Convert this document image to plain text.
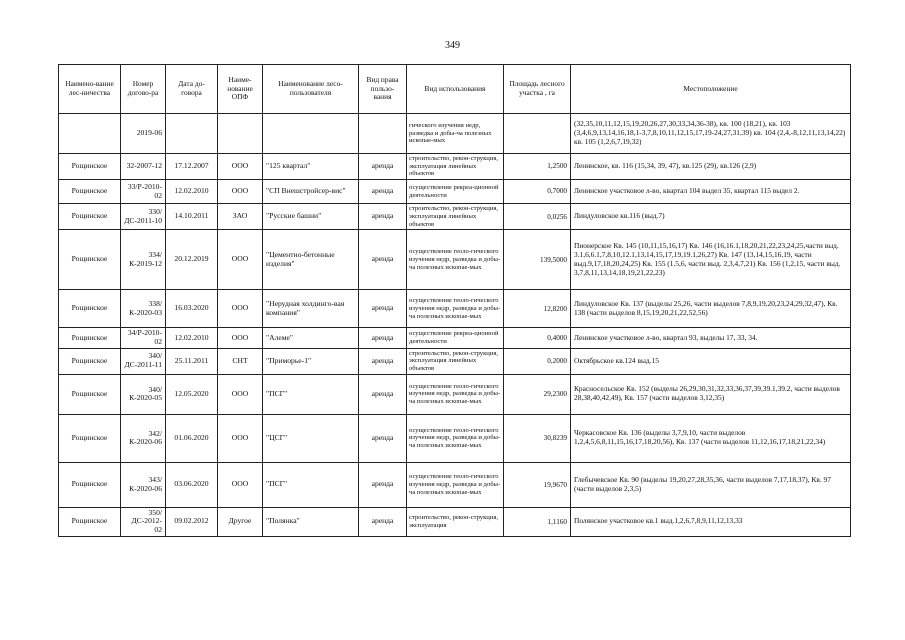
349
Наимено-вание лес-ничества	Номер догово-ра	Дата до-говора	Наиме-нование ОПФ	Наименование лесо-пользователя	Вид права пользо-вания	Вид использования	Площадь лесного участка , га	Местоположение
	2019-06					гического изучения недр, разведка и добы-ча полезных ископае-мых		(32,35,10,11,12,15,19,20,26,27,30,33,34,36-38), кв. 100 (18,21), кв. 103 (3,4,6,9,13,14,16,18,1-3,7,8,10,11,12,15,17,19-24,27,31,39) кв. 104 (2,4,-8,12,11,13,14,22) кв. 105 (1,2,6,7,19,32)
Рощинское	32-2007-12	17.12.2007	ООО	"125 квартал"	аренда	строительство, рекон-струкция, эксплуатация линейных объектов	1,2500	Ленинское, кв. 116 (15,34, 39, 47), кв.125 (29), кв.126 (2,9)
Рощинское	33/Р-2010-02	12.02.2010	ООО	"СП Внешстройсер-вис"	аренда	осуществление рекреа-ционной деятельности	0,7000	Ленинское участковое л-во, квартал 104 выдел 35, квартал 115 выдел 2.
Рощинское	330/ДС-2011-10	14.10.2011	ЗАО	"Русские башни"	аренда	строительство, рекон-струкция, эксплуатация линейных объектов	0,0256	Линдуловское кв.116 (выд.7)
Рощинское	334/К-2019-12	20.12.2019	ООО	"Цементно-бетонные изделия"	аренда	осуществление геоло-гического изучения недр, разведка и добы-ча полезных ископае-мых	139,5000	Пионерское Кв. 145 (10,11,15,16,17) Кв. 146 (16,16.1,18,20,21,22,23,24,25,части выд. 3.1,6,6.1,7,8,10,12.1,13,14,15,17,19,19.1,26,27) Кв. 147 (13,14,15,16,19, части выд.9,17,18,20,24,25) Кв. 155 (1.5,6, части выд. 2,3,4,7,21) Кв. 156 (1,2,15, части выд. 3,7,8,11,13,14,18,19,21,22,23)
Рощинское	338/К-2020-03	16.03.2020	ООО	"Нерудная холдинго-вая компания"	аренда	осуществление геоло-гического изучения недр, разведка и добы-ча полезных ископае-мых	12,8200	Линдуловское Кв. 137 (выделы 25,26, части выделов 7,8,9,19,20,23,24,29,32,47), Кв. 138 (части выделов 8,15,19,20,21,22,52,56)
Рощинское	34/Р-2010-02	12.02.2010	ООО	"Алеме"	аренда	осуществление рекреа-ционной деятельности	0,4000	Ленинское участковое л-во, квартал 93, выделы 17, 33, 34.
Рощинское	340/ДС-2011-11	25.11.2011	СНТ	"Приморье-1"	аренда	строительство, рекон-струкция, эксплуатация линейных объектов	0,2000	Октябрьское кв.124 выд.15
Рощинское	340/К-2020-05	12.05.2020	ООО	"ПСГ"	аренда	осуществление геоло-гического изучения недр, разведка и добы-ча полезных ископае-мых	29,2300	Красносельское Кв. 152 (выделы 26,29,30,31,32,33,36,37,39,39.1,39.2, части выделов 28,38,40,42,49), Кв. 157 (части выделов 3,12,35)
Рощинское	342/К-2020-06	01.06.2020	ООО	"ЦСГ"	аренда	осуществление геоло-гического изучения недр, разведка и добы-ча полезных ископае-мых	30,8239	Черкасовское Кв. 136 (выделы 3,7,9,10, части выделов 1,2,4,5,6,8,11,15,16,17,18,20,56), Кв. 137 (части выделов 11,12,16,17,18,21,22,34)
Рощинское	343/К-2020-06	03.06.2020	ООО	"ПСГ"	аренда	осуществление геоло-гического изучения недр, разведка и добы-ча полезных ископае-мых	19,9670	Глебычевское Кв. 90 (выделы 19,20,27,28,35,36, части выделов 7,17,18,37), Кв. 97 (части выделов 2,3,5)
Рощинское	350/ДС-2012-02	09.02.2012	Другое	"Полянка"	аренда	строительство, рекон-струкция, эксплуатация	1,1160	Полянское участковое кв.1 выд.1,2,6,7,8,9,11,12,13,33
